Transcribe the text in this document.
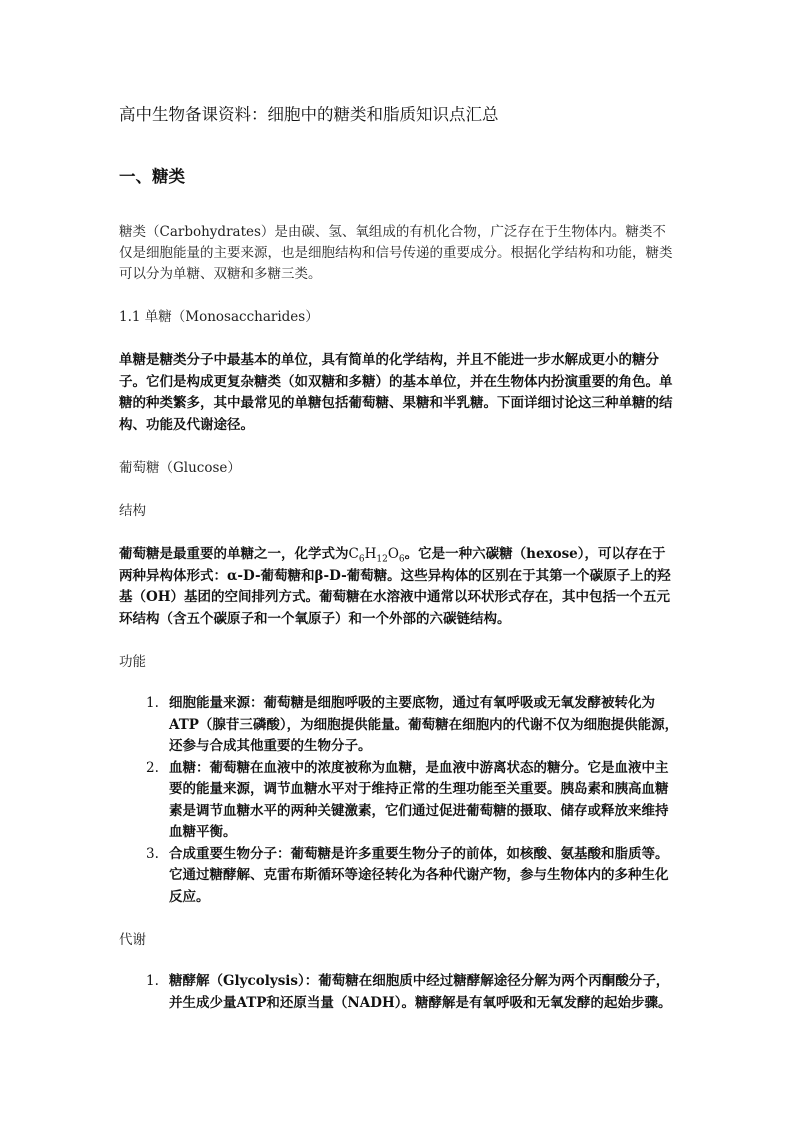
高中生物备课资料：细胞中的糖类和脂质知识点汇总

一、糖类

糖类（Carbohydrates）是由碳、氢、氧组成的有机化合物，广泛存在于生物体内。糖类不仅是细胞能量的主要来源，也是细胞结构和信号传递的重要成分。根据化学结构和功能，糖类可以分为单糖、双糖和多糖三类。

1.1 单糖（Monosaccharides）

单糖是糖类分子中最基本的单位，具有简单的化学结构，并且不能进一步水解成更小的糖分子。它们是构成更复杂糖类（如双糖和多糖）的基本单位，并在生物体内扮演重要的角色。单糖的种类繁多，其中最常见的单糖包括葡萄糖、果糖和半乳糖。下面详细讨论这三种单糖的结构、功能及代谢途径。

葡萄糖（Glucose）

结构

葡萄糖是最重要的单糖之一，化学式为$C_6H_{12}O_6$。它是一种六碳糖（hexose），可以存在于两种异构体形式：α-D-葡萄糖和β-D-葡萄糖。这些异构体的区别在于其第一个碳原子上的羟基（OH）基团的空间排列方式。葡萄糖在水溶液中通常以环状形式存在，其中包括一个五元环结构（含五个碳原子和一个氧原子）和一个外部的六碳链结构。

功能

1. 细胞能量来源：葡萄糖是细胞呼吸的主要底物，通过有氧呼吸或无氧发酵被转化为ATP（腺苷三磷酸），为细胞提供能量。葡萄糖在细胞内的代谢不仅为细胞提供能源，还参与合成其他重要的生物分子。
2. 血糖：葡萄糖在血液中的浓度被称为血糖，是血液中游离状态的糖分。它是血液中主要的能量来源，调节血糖水平对于维持正常的生理功能至关重要。胰岛素和胰高血糖素是调节血糖水平的两种关键激素，它们通过促进葡萄糖的摄取、储存或释放来维持血糖平衡。
3. 合成重要生物分子：葡萄糖是许多重要生物分子的前体，如核酸、氨基酸和脂质等。它通过糖酵解、克雷布斯循环等途径转化为各种代谢产物，参与生物体内的多种生化反应。

代谢

1. 糖酵解（Glycolysis）：葡萄糖在细胞质中经过糖酵解途径分解为两个丙酮酸分子，并生成少量ATP和还原当量（NADH）。糖酵解是有氧呼吸和无氧发酵的起始步骤。
